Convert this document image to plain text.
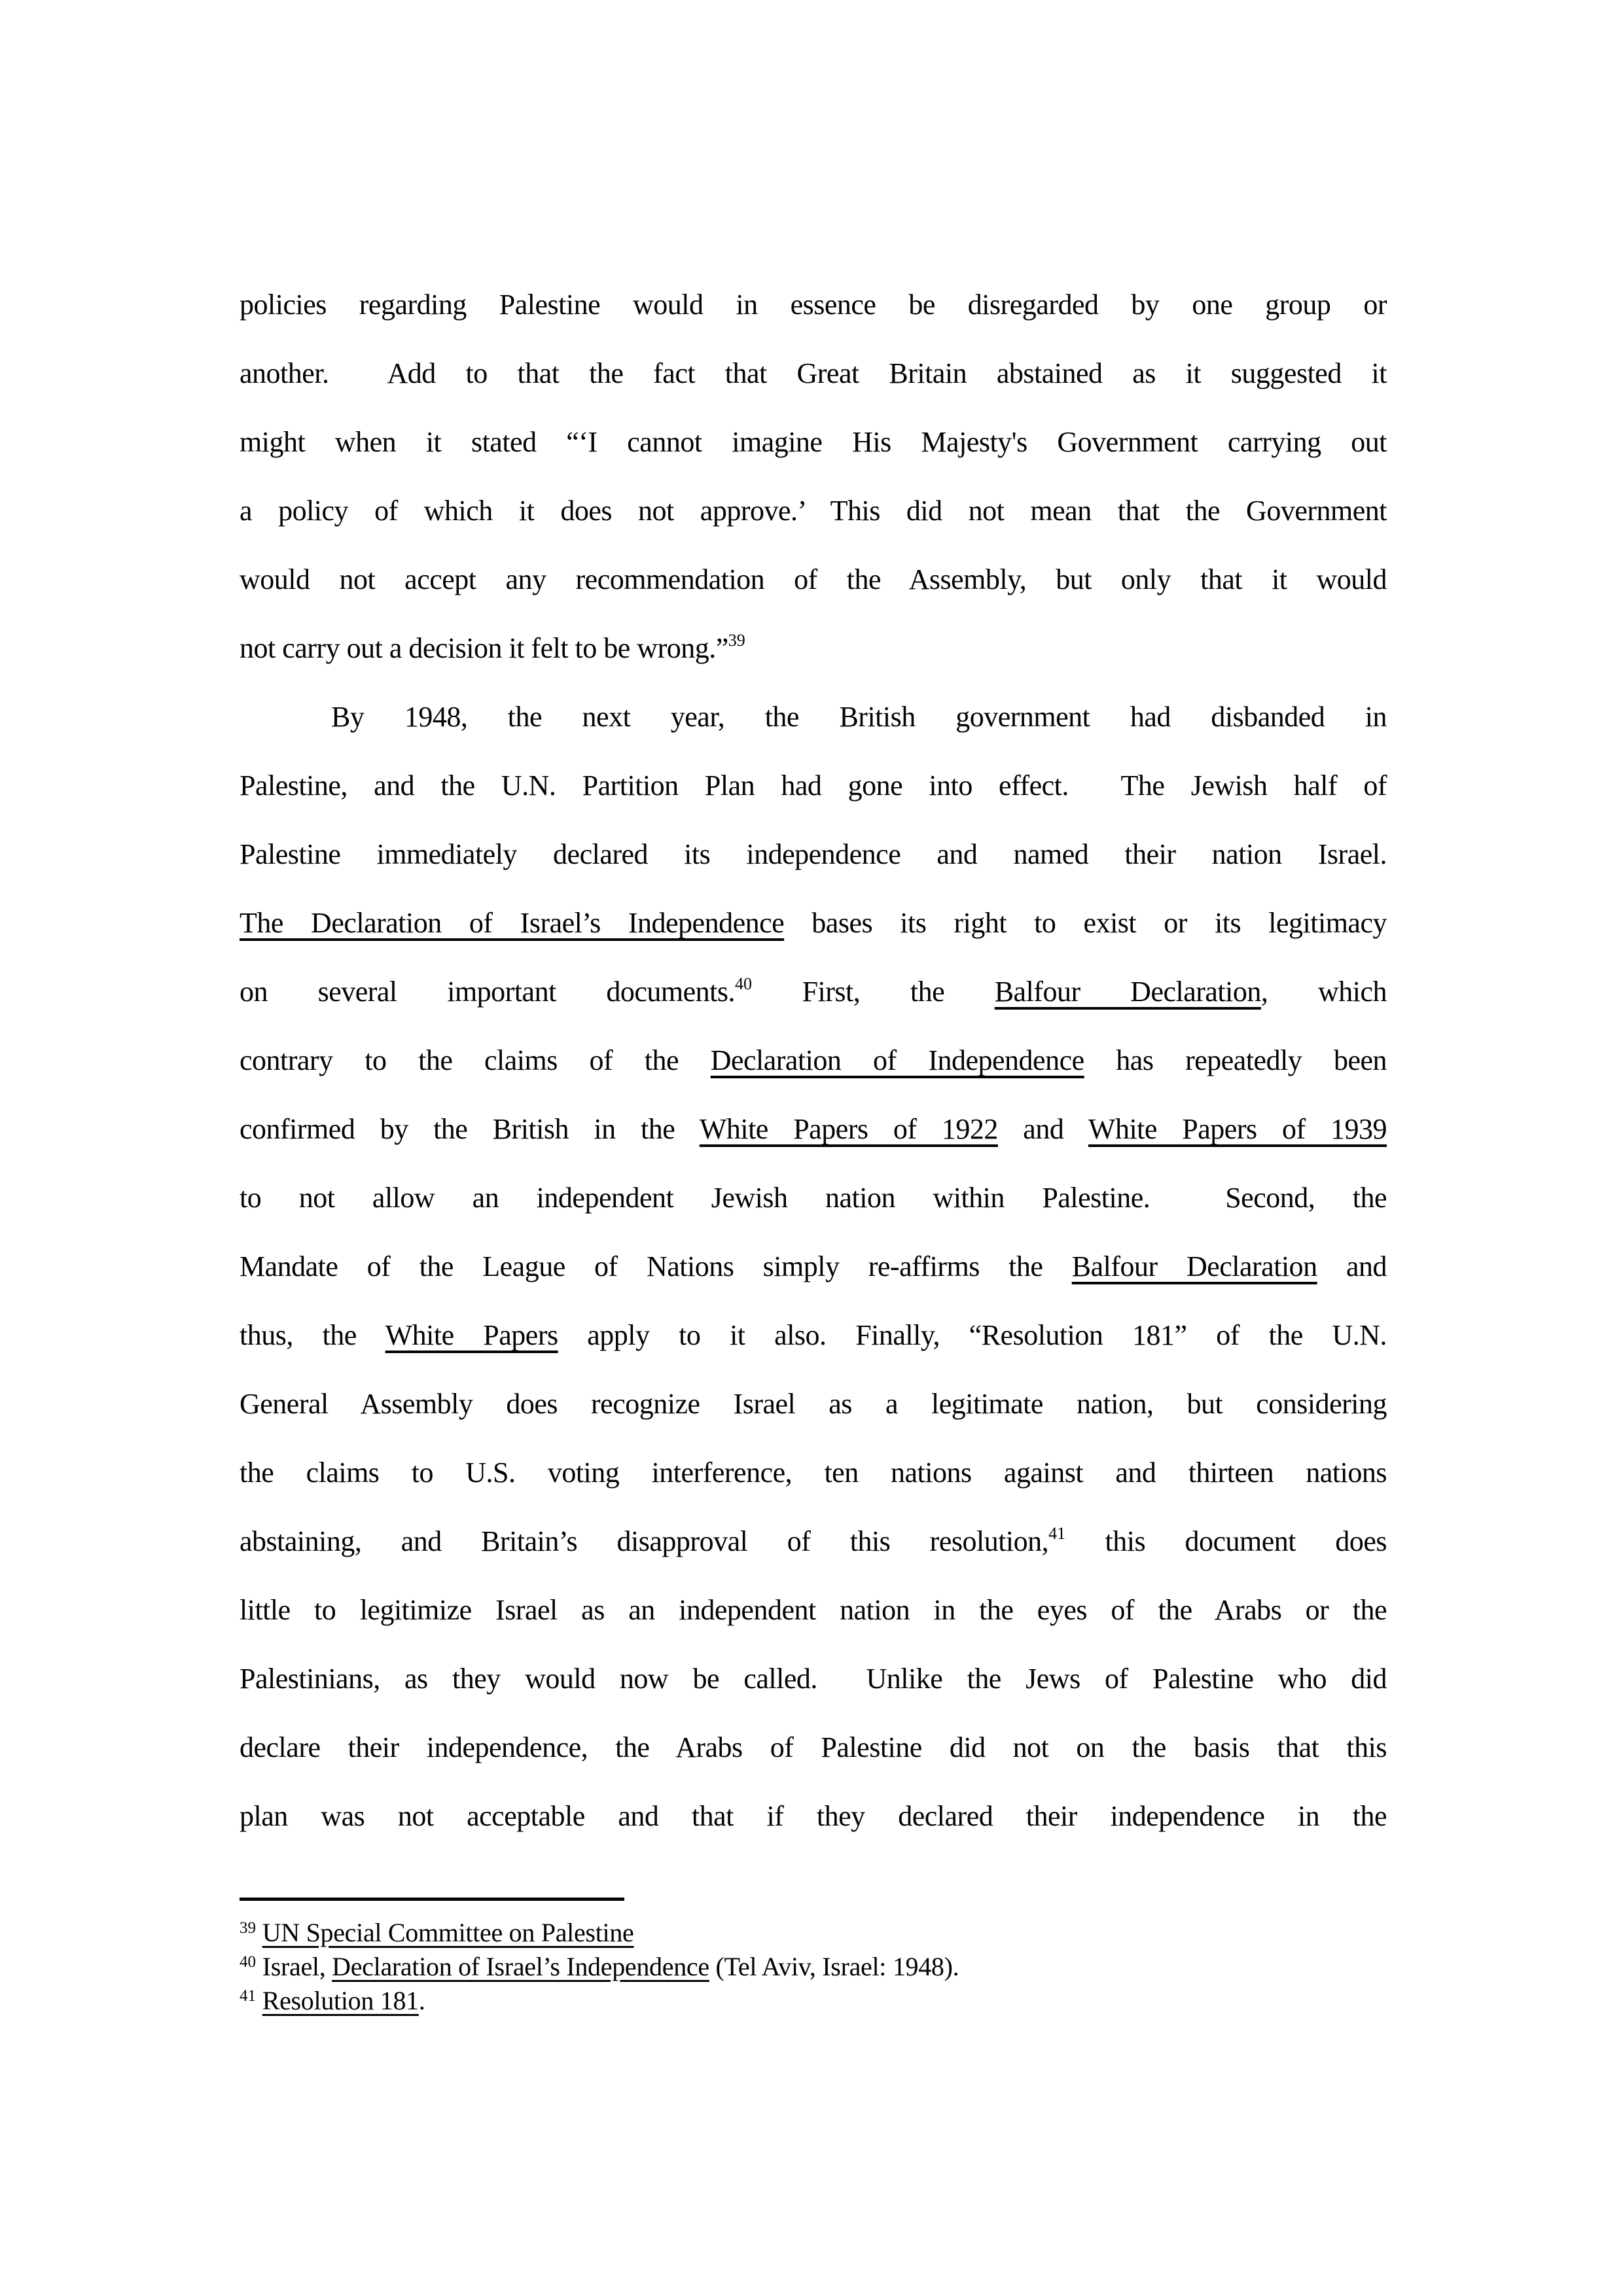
policies regarding Palestine would in essence be disregarded by one group or
another.  Add to that the fact that Great Britain abstained as it suggested it
might when it stated “‘I cannot imagine His Majesty's Government carrying out
a policy of which it does not approve.’ This did not mean that the Government
would not accept any recommendation of the Assembly, but only that it would
not carry out a decision it felt to be wrong.”$^{39}$
By 1948, the next year, the British government had disbanded in
Palestine, and the U.N. Partition Plan had gone into effect.  The Jewish half of
Palestine immediately declared its independence and named their nation Israel.
The Declaration of Israel’s Independence bases its right to exist or its legitimacy
on several important documents.$^{40}$ First, the Balfour Declaration, which
contrary to the claims of the Declaration of Independence has repeatedly been
confirmed by the British in the White Papers of 1922 and White Papers of 1939
to not allow an independent Jewish nation within Palestine.  Second, the
Mandate of the League of Nations simply re-affirms the Balfour Declaration and
thus, the White Papers apply to it also. Finally, “Resolution 181” of the U.N.
General Assembly does recognize Israel as a legitimate nation, but considering
the claims to U.S. voting interference, ten nations against and thirteen nations
abstaining, and Britain’s disapproval of this resolution,$^{41}$ this document does
little to legitimize Israel as an independent nation in the eyes of the Arabs or the
Palestinians, as they would now be called.  Unlike the Jews of Palestine who did
declare their independence, the Arabs of Palestine did not on the basis that this
plan was not acceptable and that if they declared their independence in the
$^{39}$ UN Special Committee on Palestine
$^{40}$ Israel, Declaration of Israel’s Independence (Tel Aviv, Israel: 1948).
$^{41}$ Resolution 181.
